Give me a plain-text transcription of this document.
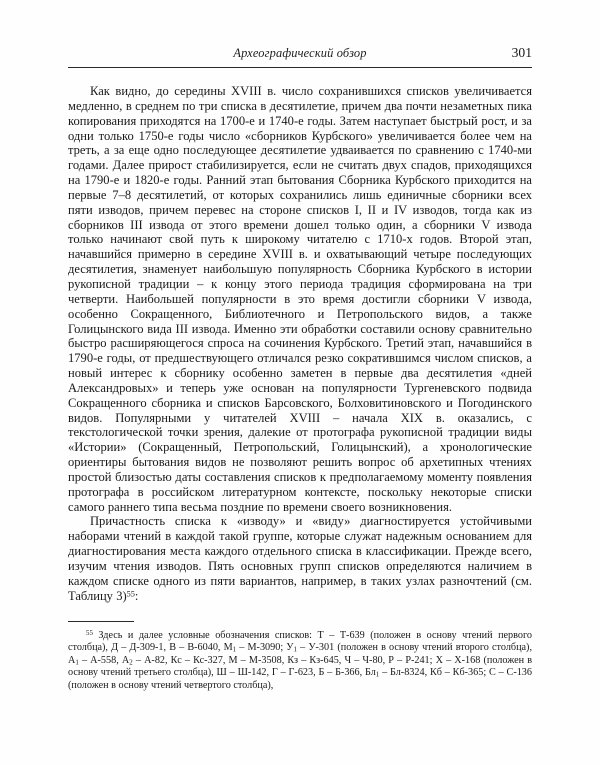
Археографический обзор	301

Как видно, до середины XVIII в. число сохранившихся списков увеличивается медленно, в среднем по три списка в десятилетие, причем два почти незаметных пика копирования приходятся на 1700-е и 1740-е годы. Затем наступает быстрый рост, и за одни только 1750-е годы число «сборников Курбского» увеличивается более чем на треть, а за еще одно последующее десятилетие удваивается по сравнению с 1740-ми годами. Далее прирост стабилизируется, если не считать двух спадов, приходящихся на 1790-е и 1820-е годы. Ранний этап бытования Сборника Курбского приходится на первые 7–8 десятилетий, от которых сохранились лишь единичные сборники всех пяти изводов, причем перевес на стороне списков I, II и IV изводов, тогда как из сборников III извода от этого времени дошел только один, а сборники V извода только начинают свой путь к широкому читателю с 1710-х годов. Второй этап, начавшийся примерно в середине XVIII в. и охватывающий четыре последующих десятилетия, знаменует наибольшую популярность Сборника Курбского в истории рукописной традиции – к концу этого периода традиция сформирована на три четверти. Наибольшей популярности в это время достигли сборники V извода, особенно Сокращенного, Библиотечного и Петропольского видов, а также Голицынского вида III извода. Именно эти обработки составили основу сравнительно быстро расширяющегося спроса на сочинения Курбского. Третий этап, начавшийся в 1790-е годы, от предшествующего отличался резко сократившимся числом списков, а новый интерес к сборнику особенно заметен в первые два десятилетия «дней Александровых» и теперь уже основан на популярности Тургеневского подвида Сокращенного сборника и списков Барсовского, Болховитиновского и Погодинского видов. Популярными у читателей XVIII – начала XIX в. оказались, с текстологической точки зрения, далекие от протографа рукописной традиции виды «Истории» (Сокращенный, Петропольский, Голицынский), а хронологические ориентиры бытования видов не позволяют решить вопрос об архетипных чтениях простой близостью даты составления списков к предполагаемому моменту появления протографа в российском литературном контексте, поскольку некоторые списки самого раннего типа весьма поздние по времени своего возникновения.

Причастность списка к «изводу» и «виду» диагностируется устойчивыми наборами чтений в каждой такой группе, которые служат надежным основанием для диагностирования места каждого отдельного списка в классификации. Прежде всего, изучим чтения изводов. Пять основных групп списков определяются наличием в каждом списке одного из пяти вариантов, например, в таких узлах разночтений (см. Таблицу 3)$^{55}$:

$^{55}$ Здесь и далее условные обозначения списков: Т – Т-639 (положен в основу чтений первого столбца), Д – Д-309-1, В – В-6040, $М_1 - М-3090$; $У_1 - У-301$ (положен в основу чтений второго столбца), $А_1 - А-558$, $А_2 - А-82$, Кс – Кс-327, М – М-3508, Кз – Кз-645, Ч – Ч-80, Р – Р-241; Х – Х-168 (положен в основу чтений третьего столбца), Ш – Ш-142, Г – Г-623, Б – Б-366, $Бл_1 - Бл-8324$, Кб – Кб-365; С – С-136 (положен в основу чтений четвертого столбца),
